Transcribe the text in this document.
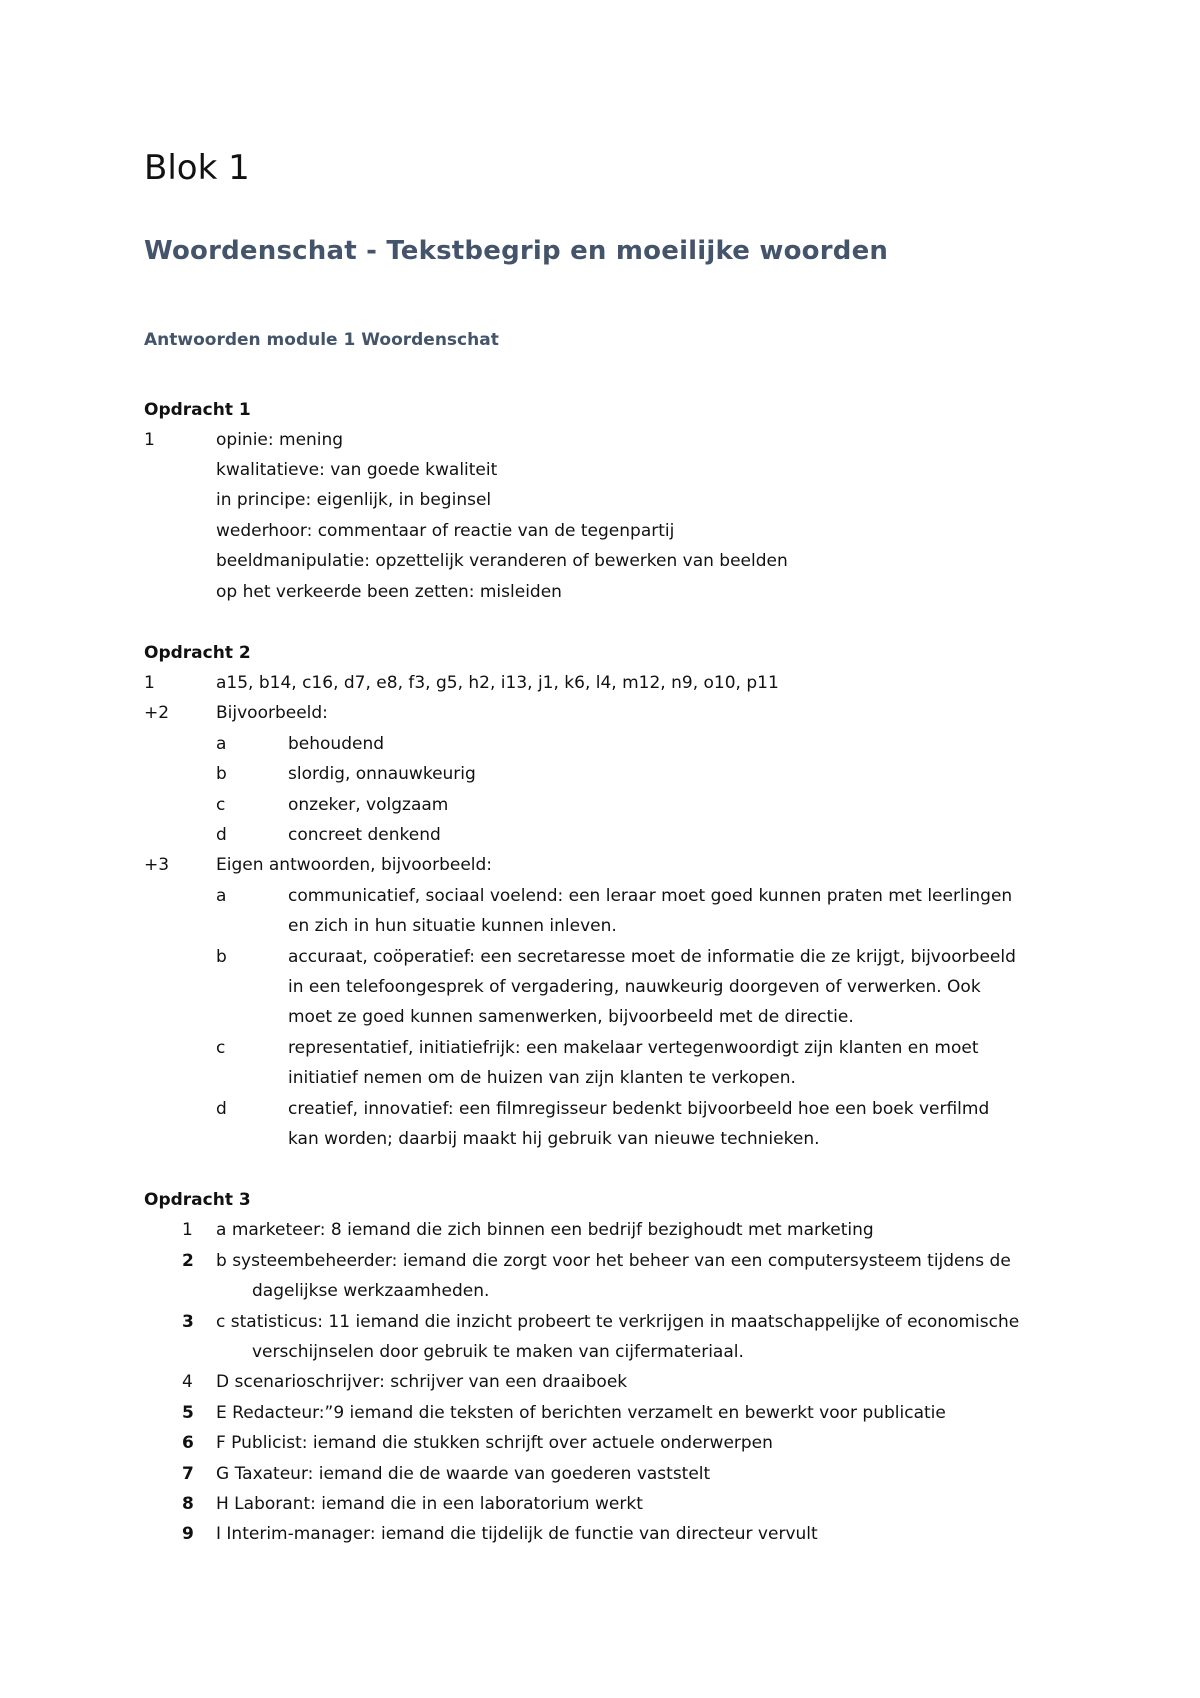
Blok 1
Woordenschat - Tekstbegrip en moeilijke woorden
Antwoorden module 1 Woordenschat
Opdracht 1
1	opinie: mening
kwalitatieve: van goede kwaliteit
in principe: eigenlijk, in beginsel
wederhoor: commentaar of reactie van de tegenpartij
beeldmanipulatie: opzettelijk veranderen of bewerken van beelden
op het verkeerde been zetten: misleiden
Opdracht 2
1	a15, b14, c16, d7, e8, f3, g5, h2, i13, j1, k6, l4, m12, n9, o10, p11
+2	Bijvoorbeeld:
a	behoudend
b	slordig, onnauwkeurig
c	onzeker, volgzaam
d	concreet denkend
+3	Eigen antwoorden, bijvoorbeeld:
a	communicatief, sociaal voelend: een leraar moet goed kunnen praten met leerlingen
en zich in hun situatie kunnen inleven.
b	accuraat, coöperatief: een secretaresse moet de informatie die ze krijgt, bijvoorbeeld
in een telefoongesprek of vergadering, nauwkeurig doorgeven of verwerken. Ook
moet ze goed kunnen samenwerken, bijvoorbeeld met de directie.
c	representatief, initiatiefrijk: een makelaar vertegenwoordigt zijn klanten en moet
initiatief nemen om de huizen van zijn klanten te verkopen.
d	creatief, innovatief: een filmregisseur bedenkt bijvoorbeeld hoe een boek verfilmd
kan worden; daarbij maakt hij gebruik van nieuwe technieken.
Opdracht 3
1 a marketeer: 8 iemand die zich binnen een bedrijf bezighoudt met marketing
2 b systeembeheerder: iemand die zorgt voor het beheer van een computersysteem tijdens de
dagelijkse werkzaamheden.
3 c statisticus: 11 iemand die inzicht probeert te verkrijgen in maatschappelijke of economische
verschijnselen door gebruik te maken van cijfermateriaal.
4 D scenarioschrijver: schrijver van een draaiboek
5 E Redacteur:”9 iemand die teksten of berichten verzamelt en bewerkt voor publicatie
6 F Publicist: iemand die stukken schrijft over actuele onderwerpen
7 G Taxateur: iemand die de waarde van goederen vaststelt
8 H Laborant: iemand die in een laboratorium werkt
9 I Interim-manager: iemand die tijdelijk de functie van directeur vervult
